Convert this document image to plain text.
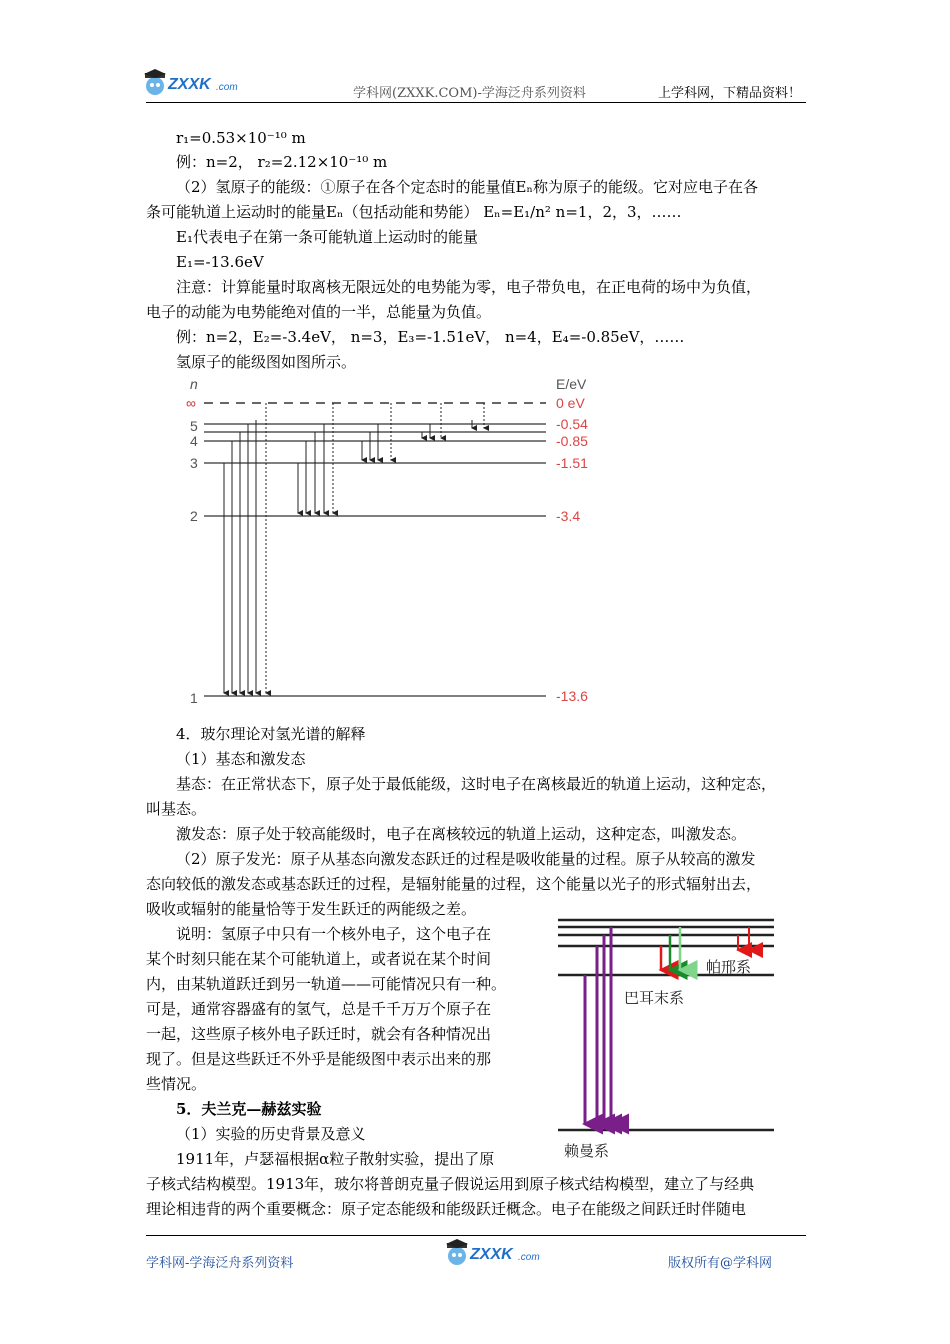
ZXXK .com	学科网(ZXXK.COM)-学海泛舟系列资料	上学科网，下精品资料！
r₁=0.53×10⁻¹⁰ m
例：n=2， r₂=2.12×10⁻¹⁰ m
（2）氢原子的能级：①原子在各个定态时的能量值Eₙ称为原子的能级。它对应电子在各
条可能轨道上运动时的能量Eₙ（包括动能和势能） Eₙ=E₁/n² n=1，2，3，……
E₁代表电子在第一条可能轨道上运动时的能量
E₁=-13.6eV
注意：计算能量时取离核无限远处的电势能为零，电子带负电，在正电荷的场中为负值，
电子的动能为电势能绝对值的一半，总能量为负值。
例：n=2，E₂=-3.4eV， n=3，E₃=-1.51eV， n=4，E₄=-0.85eV，……
氢原子的能级图如图所示。
n	E/eV
∞
5
4
3
2
1
0 eV
-0.54
-0.85
-1.51
-3.4
-13.6
4．玻尔理论对氢光谱的解释
（1）基态和激发态
基态：在正常状态下，原子处于最低能级，这时电子在离核最近的轨道上运动，这种定态，
叫基态。
激发态：原子处于较高能级时，电子在离核较远的轨道上运动，这种定态，叫激发态。
（2）原子发光：原子从基态向激发态跃迁的过程是吸收能量的过程。原子从较高的激发
态向较低的激发态或基态跃迁的过程，是辐射能量的过程，这个能量以光子的形式辐射出去，
吸收或辐射的能量恰等于发生跃迁的两能级之差。
说明：氢原子中只有一个核外电子，这个电子在
某个时刻只能在某个可能轨道上，或者说在某个时间
内，由某轨道跃迁到另一轨道——可能情况只有一种。
可是，通常容器盛有的氢气，总是千千万万个原子在
一起，这些原子核外电子跃迁时，就会有各种情况出
现了。但是这些跃迁不外乎是能级图中表示出来的那
些情况。
帕邢系
巴耳末系
赖曼系
5．夫兰克—赫兹实验
（1）实验的历史背景及意义
1911年，卢瑟福根据α粒子散射实验，提出了原
子核式结构模型。1913年，玻尔将普朗克量子假说运用到原子核式结构模型，建立了与经典
理论相违背的两个重要概念：原子定态能级和能级跃迁概念。电子在能级之间跃迁时伴随电
学科网-学海泛舟系列资料
ZXXK .com	版权所有@学科网
